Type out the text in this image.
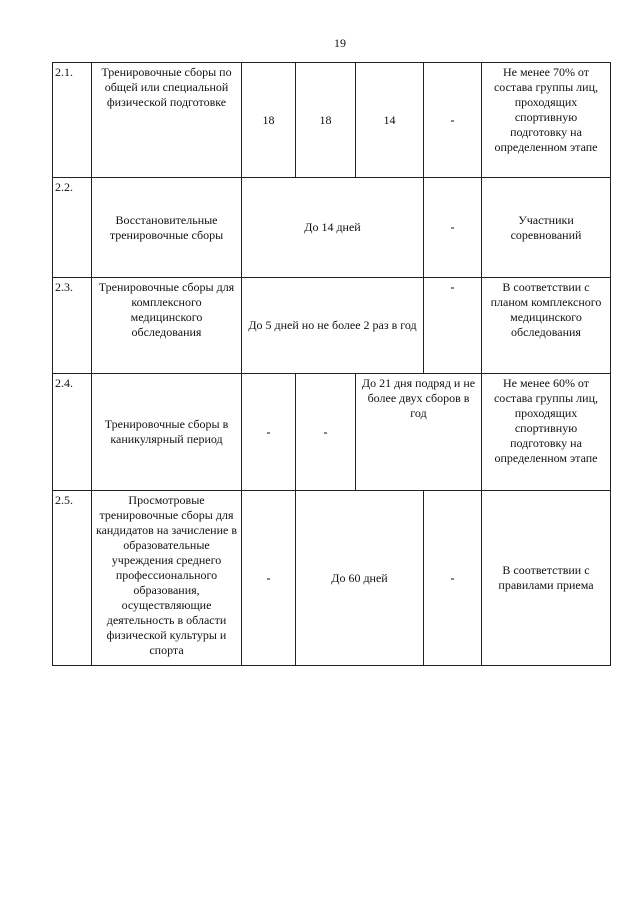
19
2.1.	Тренировочные сборы по общей или специальной физической подготовке	18	18	14	-	Не менее 70% от состава группы лиц, проходящих спортивную подготовку на определенном этапе
2.2.	Восстановительные тренировочные сборы	До 14 дней			-	Участники соревнований
2.3.	Тренировочные сборы для комплексного медицинского обследования	До 5 дней но не более 2 раз в год			-	В соответствии с планом комплексного медицинского обследования
2.4.	Тренировочные сборы в каникулярный период	-	-	До 21 дня подряд и не более двух сборов в год		Не менее 60% от состава группы лиц, проходящих спортивную подготовку на определенном этапе
2.5.	Просмотровые тренировочные сборы для кандидатов на зачисление в образовательные учреждения среднего профессионального образования, осуществляющие деятельность в области физической культуры и спорта	-	До 60 дней		-	В соответствии с правилами приема
